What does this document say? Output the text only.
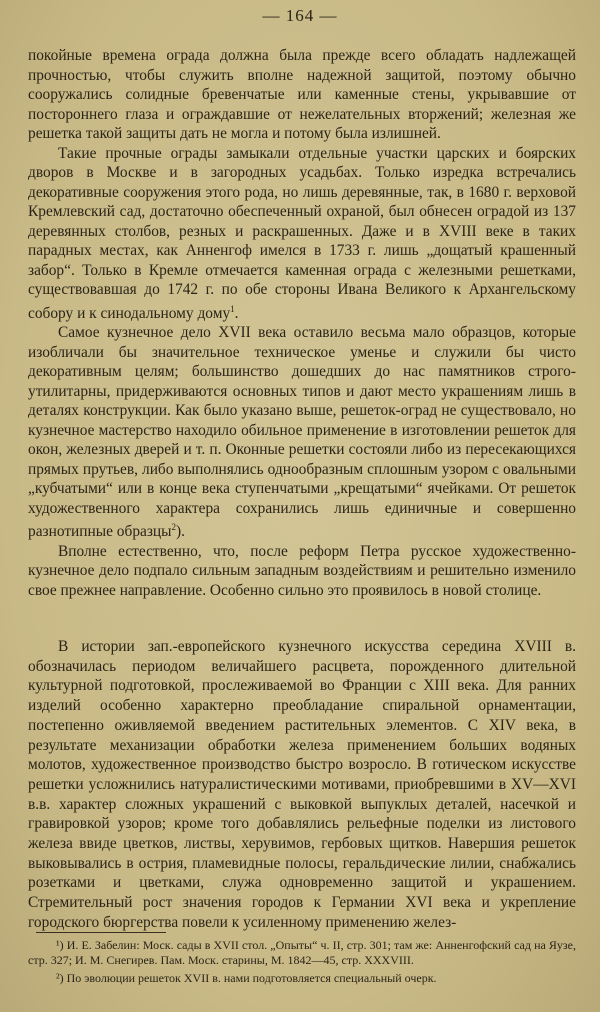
— 164 —

покойные времена ограда должна была прежде всего обладать надлежащей прочностью, чтобы служить вполне надежной защитой, поэтому обычно сооружались солидные бревенчатые или каменные стены, укрывавшие от постороннего глаза и ограждавшие от нежелательных вторжений; железная же решетка такой защиты дать не могла и потому была излишней.

Такие прочные ограды замыкали отдельные участки царских и боярских дворов в Москве и в загородных усадьбах. Только изредка встречались декоративные сооружения этого рода, но лишь деревянные, так, в 1680 г. верховой Кремлевский сад, достаточно обеспеченный охраной, был обнесен оградой из 137 деревянных столбов, резных и раскрашенных. Даже и в XVIII веке в таких парадных местах, как Анненгоф имелся в 1733 г. лишь „дощатый крашенный забор“. Только в Кремле отмечается каменная ограда с железными решетками, существовавшая до 1742 г. по обе стороны Ивана Великого к Архангельскому собору и к синодальному дому$^1$.

Самое кузнечное дело XVII века оставило весьма мало образцов, которые изобличали бы значительное техническое уменье и служили бы чисто декоративным целям; большинство дошедших до нас памятников строго-утилитарны, придерживаются основных типов и дают место украшениям лишь в деталях конструкции. Как было указано выше, решеток-оград не существовало, но кузнечное мастерство находило обильное применение в изготовлении решеток для окон, железных дверей и т. п. Оконные решетки состояли либо из пересекающихся прямых прутьев, либо выполнялись однообразным сплошным узором с овальными „кубчатыми“ или в конце века ступенчатыми „крещатыми“ ячейками. От решеток художественного характера сохранились лишь единичные и совершенно разнотипные образцы$^2$).

Вполне естественно, что, после реформ Петра русское художественно-кузнечное дело подпало сильным западным воздействиям и решительно изменило свое прежнее направление. Особенно сильно это проявилось в новой столице.

В истории зап.-европейского кузнечного искусства середина XVIII в. обозначилась периодом величайшего расцвета, порожденного длительной культурной подготовкой, прослеживаемой во Франции с XIII века. Для ранних изделий особенно характерно преобладание спиральной орнаментации, постепенно оживляемой введением растительных элементов. С XIV века, в результате механизации обработки железа применением больших водяных молотов, художественное производство быстро возросло. В готическом искусстве решетки усложнились натуралистическими мотивами, приобревшими в XV—XVI в.в. характер сложных украшений с выковкой выпуклых деталей, насечкой и гравировкой узоров; кроме того добавлялись рельефные поделки из листового железа ввиде цветков, листвы, херувимов, гербовых щитков. Навершия решеток выковывались в острия, пламевидные полосы, геральдические лилии, снабжались розетками и цветками, служа одновременно защитой и украшением. Стремительный рост значения городов к Германии XVI века и укрепление городского бюргерства повели к усиленному применению желез-

¹) И. Е. Забелин: Моск. сады в XVII стол. „Опыты“ ч. II, стр. 301; там же: Анненгофский сад на Яузе, стр. 327; И. М. Снегирев. Пам. Моск. старины, М. 1842—45, стр. XXXVIII.

²) По эволюции решеток XVII в. нами подготовляется специальный очерк.
